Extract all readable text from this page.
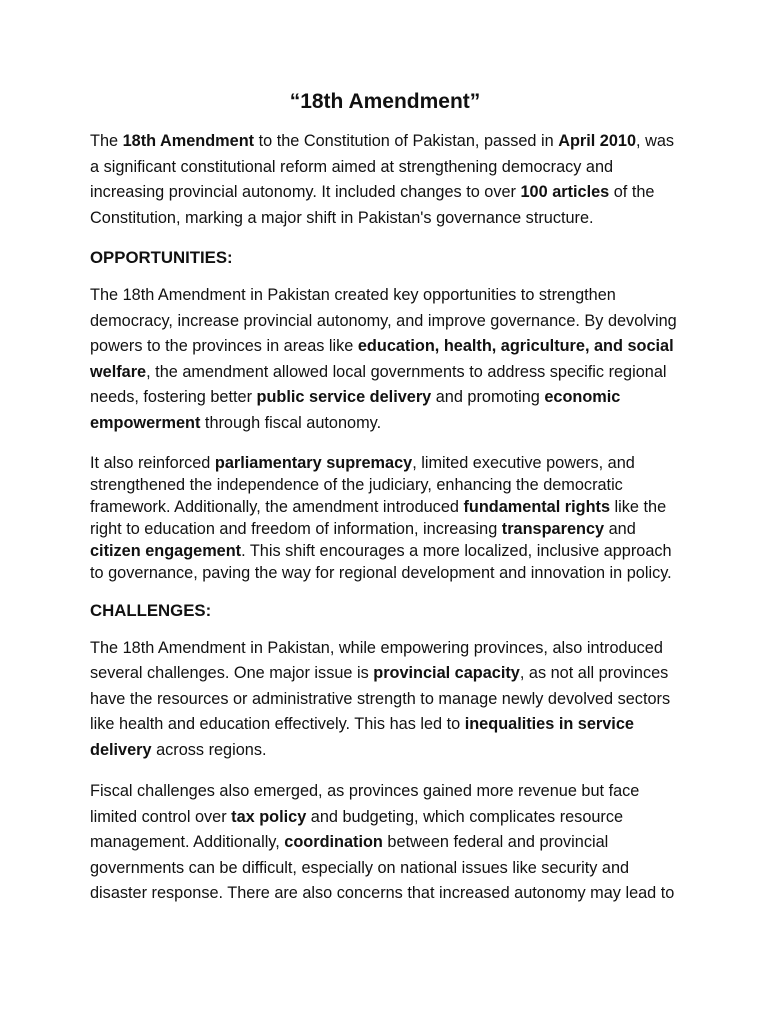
“18th Amendment”

The 18th Amendment to the Constitution of Pakistan, passed in April 2010, was a significant constitutional reform aimed at strengthening democracy and increasing provincial autonomy. It included changes to over 100 articles of the Constitution, marking a major shift in Pakistan's governance structure.

OPPORTUNITIES:

The 18th Amendment in Pakistan created key opportunities to strengthen democracy, increase provincial autonomy, and improve governance. By devolving powers to the provinces in areas like education, health, agriculture, and social welfare, the amendment allowed local governments to address specific regional needs, fostering better public service delivery and promoting economic empowerment through fiscal autonomy.

It also reinforced parliamentary supremacy, limited executive powers, and strengthened the independence of the judiciary, enhancing the democratic framework. Additionally, the amendment introduced fundamental rights like the right to education and freedom of information, increasing transparency and citizen engagement. This shift encourages a more localized, inclusive approach to governance, paving the way for regional development and innovation in policy.

CHALLENGES:

The 18th Amendment in Pakistan, while empowering provinces, also introduced several challenges. One major issue is provincial capacity, as not all provinces have the resources or administrative strength to manage newly devolved sectors like health and education effectively. This has led to inequalities in service delivery across regions.

Fiscal challenges also emerged, as provinces gained more revenue but face limited control over tax policy and budgeting, which complicates resource management. Additionally, coordination between federal and provincial governments can be difficult, especially on national issues like security and disaster response. There are also concerns that increased autonomy may lead to
